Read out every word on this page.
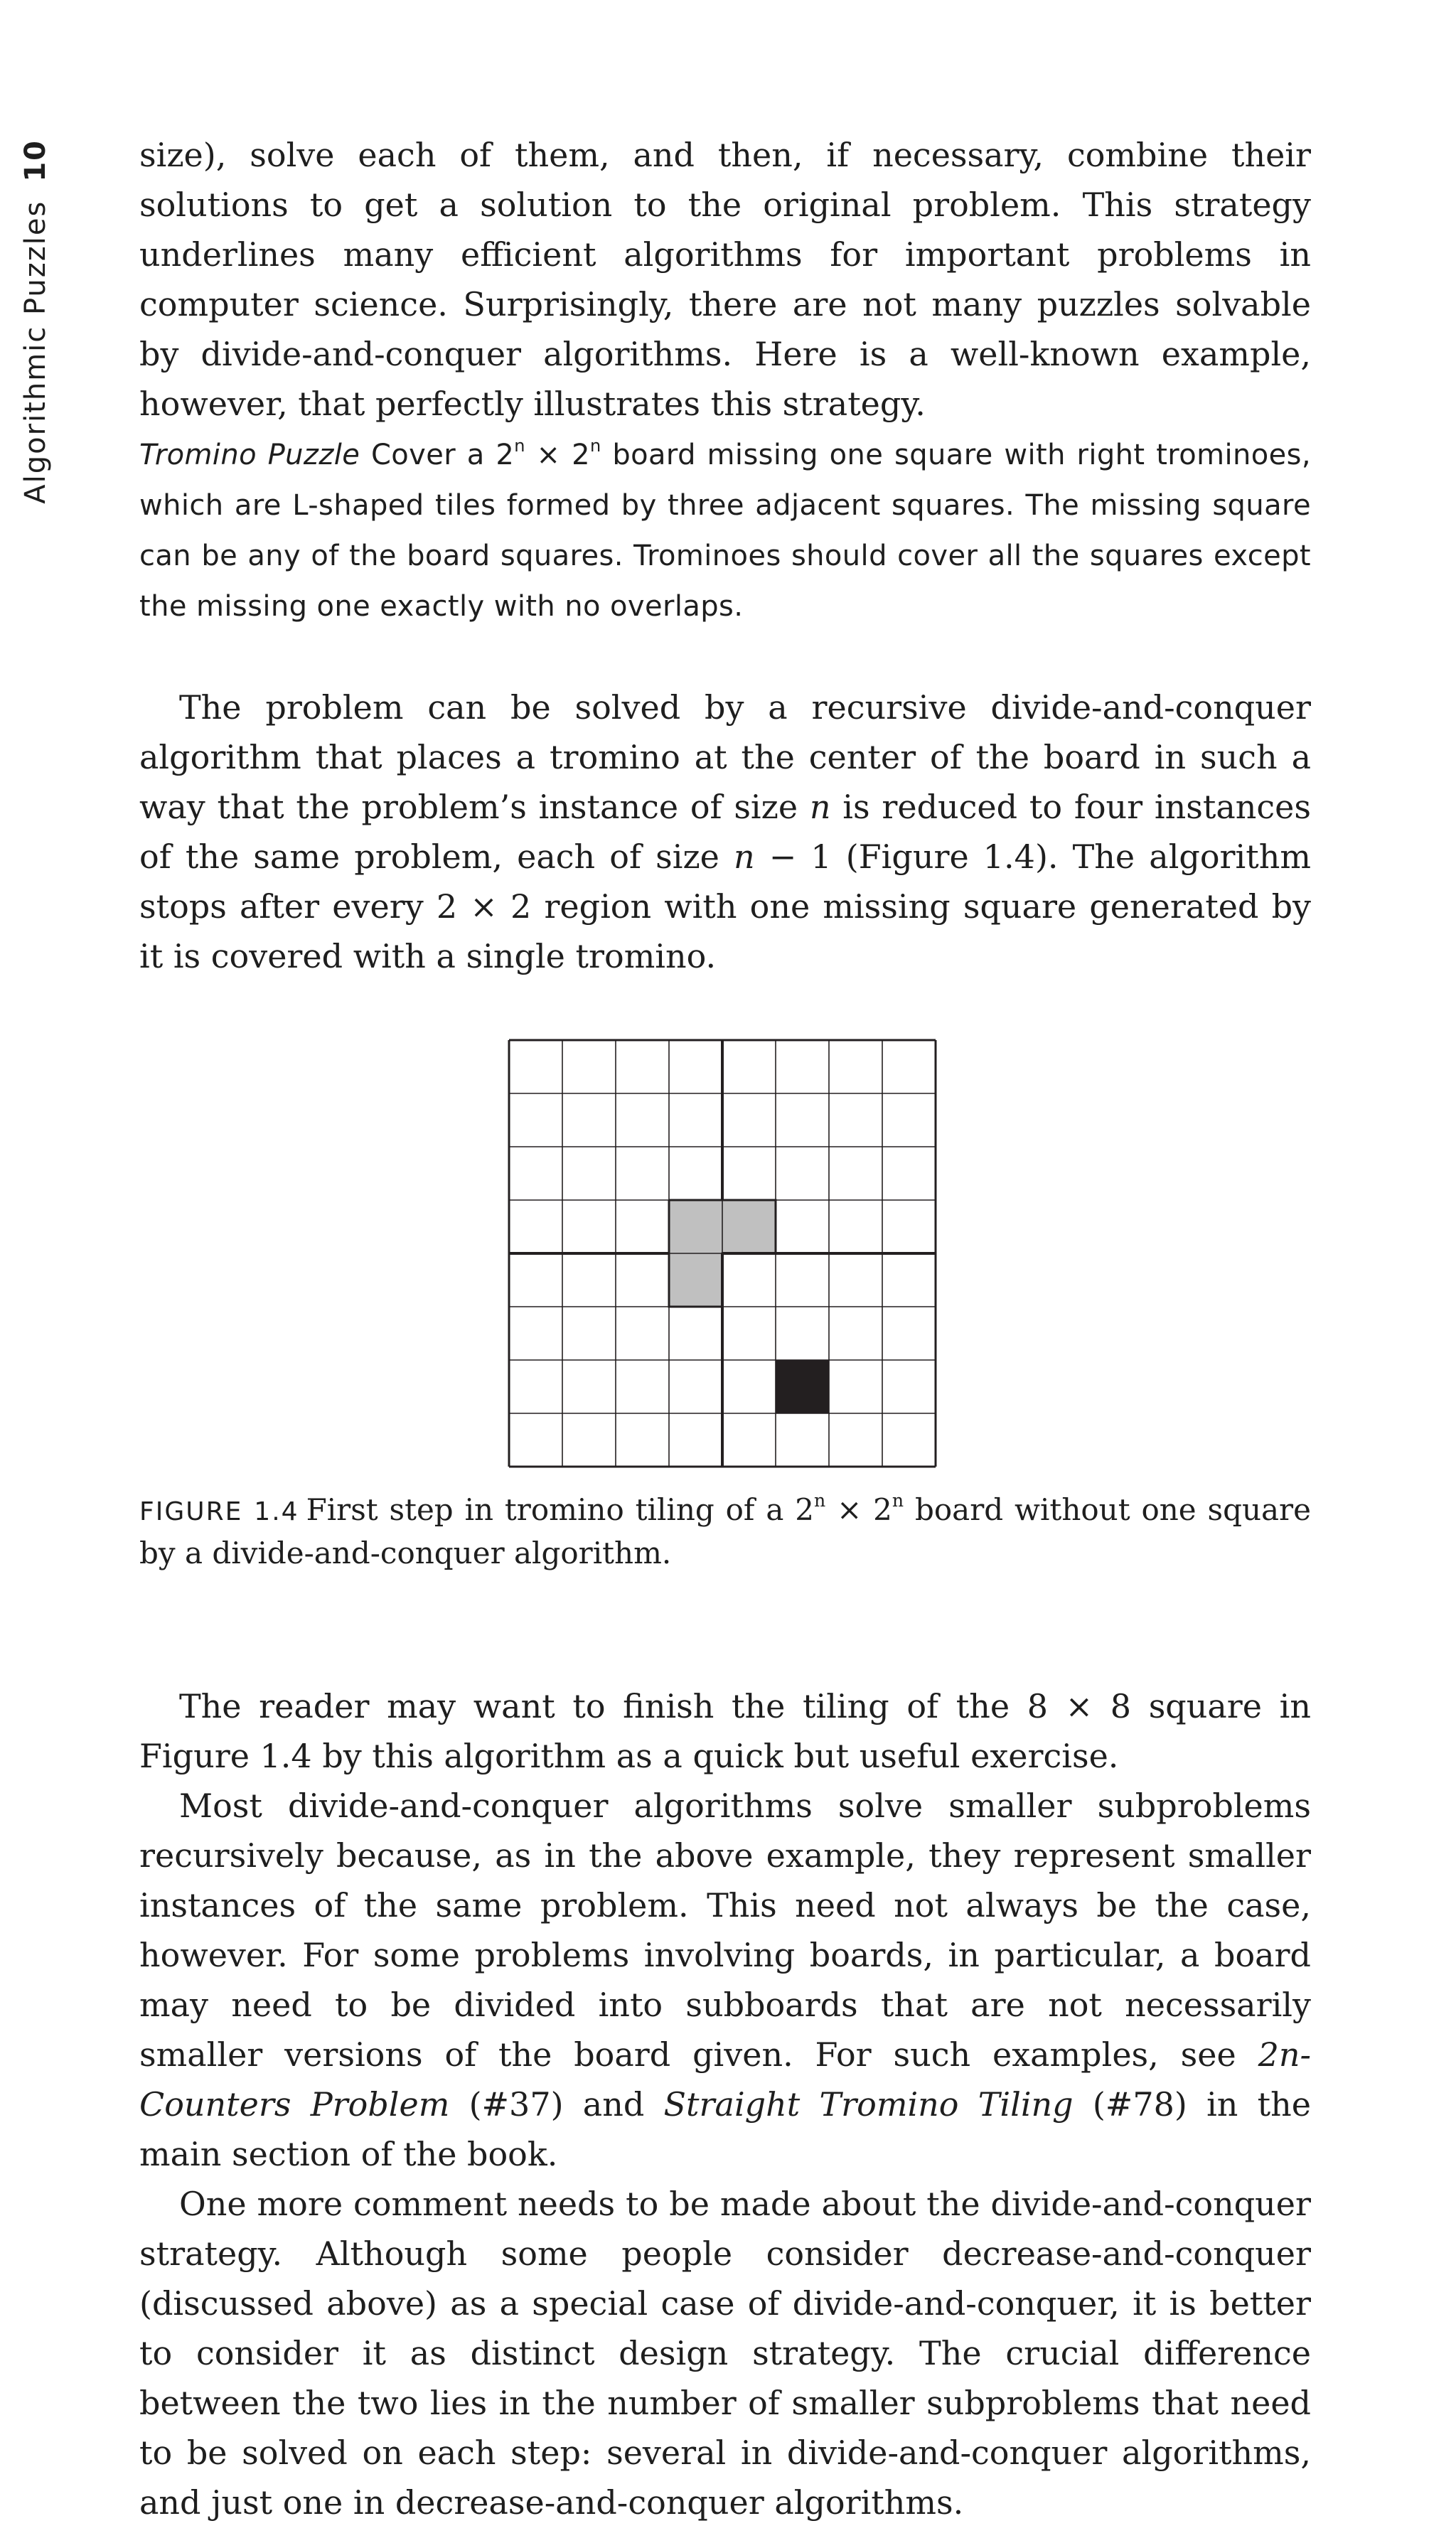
Algorithmic Puzzles
10	size), solve each of them, and then, if necessary, combine their solutions to get a solution to the original problem. This strategy underlines many efficient algorithms for important problems in computer science. Surprisingly, there are not many puzzles solvable by divide-and-conquer algorithms. Here is a well-known example, however, that perfectly illustrates this strategy.

Tromino Puzzle Cover a $2^n \times 2^n$ board missing one square with right trominoes, which are L-shaped tiles formed by three adjacent squares. The missing square can be any of the board squares. Trominoes should cover all the squares except the missing one exactly with no overlaps.

The problem can be solved by a recursive divide-and-conquer algorithm that places a tromino at the center of the board in such a way that the problem’s instance of size n is reduced to four instances of the same problem, each of size n − 1 (Figure 1.4). The algorithm stops after every 2 × 2 region with one missing square generated by it is covered with a single tromino.

FIGURE 1.4 First step in tromino tiling of a $2^n \times 2^n$ board without one square by a divide-and-conquer algorithm.

The reader may want to finish the tiling of the 8 × 8 square in Figure 1.4 by this algorithm as a quick but useful exercise.

Most divide-and-conquer algorithms solve smaller subproblems recursively because, as in the above example, they represent smaller instances of the same problem. This need not always be the case, however. For some problems involving boards, in particular, a board may need to be divided into subboards that are not necessarily smaller versions of the board given. For such examples, see 2n-Counters Problem (#37) and Straight Tromino Tiling (#78) in the main section of the book.

One more comment needs to be made about the divide-and-conquer strategy. Although some people consider decrease-and-conquer (discussed above) as a special case of divide-and-conquer, it is better to consider it as distinct design strategy. The crucial difference between the two lies in the number of smaller subproblems that need to be solved on each step: several in divide-and-conquer algorithms, and just one in decrease-and-conquer algorithms.
